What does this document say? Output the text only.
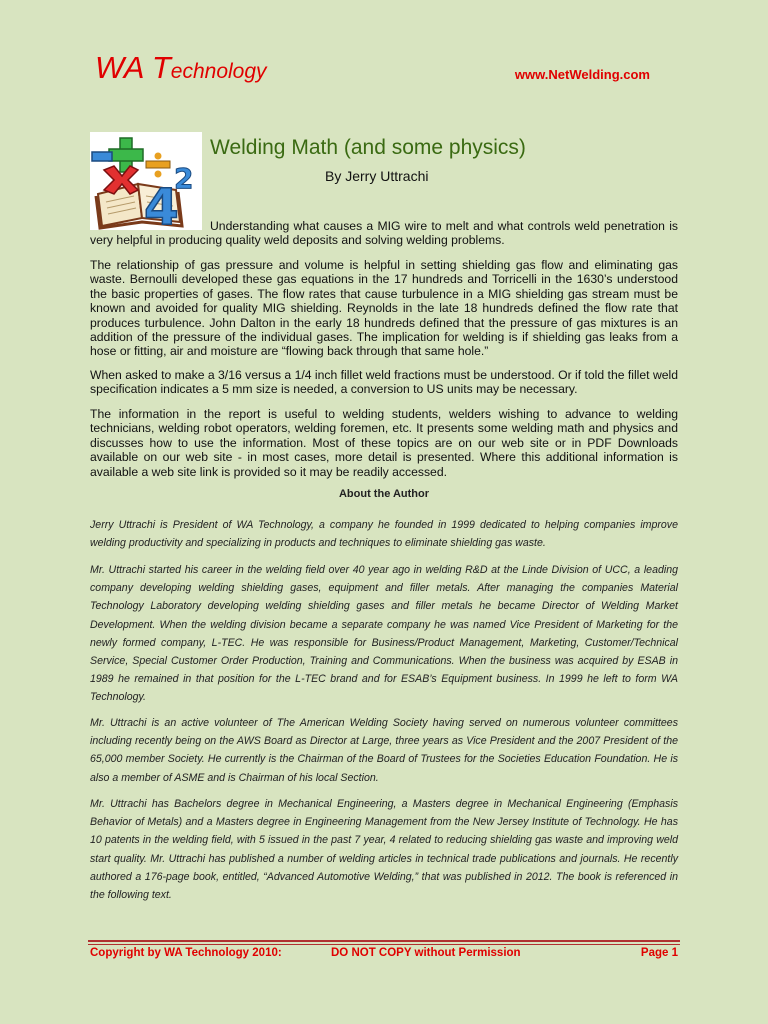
WA Technology	www.NetWelding.com
4
2
Welding Math (and some physics)
By Jerry Uttrachi

Understanding what causes a MIG wire to melt and what controls weld penetration is very helpful in producing quality weld deposits and solving welding problems.

The relationship of gas pressure and volume is helpful in setting shielding gas flow and eliminating gas waste. Bernoulli developed these gas equations in the 17 hundreds and Torricelli in the 1630’s understood the basic properties of gases. The flow rates that cause turbulence in a MIG shielding gas stream must be known and avoided for quality MIG shielding. Reynolds in the late 18 hundreds defined the flow rate that produces turbulence. John Dalton in the early 18 hundreds defined that the pressure of gas mixtures is an addition of the pressure of the individual gases. The implication for welding is if shielding gas leaks from a hose or fitting, air and moisture are “flowing back through that same hole.”

When asked to make a 3/16 versus a 1/4 inch fillet weld fractions must be understood. Or if told the fillet weld specification indicates a 5 mm size is needed, a conversion to US units may be necessary.

The information in the report is useful to welding students, welders wishing to advance to welding technicians, welding robot operators, welding foremen, etc. It presents some welding math and physics and discusses how to use the information. Most of these topics are on our web site or in PDF Downloads available on our web site - in most cases, more detail is presented. Where this additional information is available a web site link is provided so it may be readily accessed.

About the Author

Jerry Uttrachi is President of WA Technology, a company he founded in 1999 dedicated to helping companies improve welding productivity and specializing in products and techniques to eliminate shielding gas waste.

Mr. Uttrachi started his career in the welding field over 40 year ago in welding R&D at the Linde Division of UCC, a leading company developing welding shielding gases, equipment and filler metals. After managing the companies Material Technology Laboratory developing welding shielding gases and filler metals he became Director of Welding Market Development. When the welding division became a separate company he was named Vice President of Marketing for the newly formed company, L-TEC. He was responsible for Business/Product Management, Marketing, Customer/Technical Service, Special Customer Order Production, Training and Communications. When the business was acquired by ESAB in 1989 he remained in that position for the L-TEC brand and for ESAB’s Equipment business. In 1999 he left to form WA Technology.

Mr. Uttrachi is an active volunteer of The American Welding Society having served on numerous volunteer committees including recently being on the AWS Board as Director at Large, three years as Vice President and the 2007 President of the 65,000 member Society. He currently is the Chairman of the Board of Trustees for the Societies Education Foundation. He is also a member of ASME and is Chairman of his local Section.

Mr. Uttrachi has Bachelors degree in Mechanical Engineering, a Masters degree in Mechanical Engineering (Emphasis Behavior of Metals) and a Masters degree in Engineering Management from the New Jersey Institute of Technology. He has 10 patents in the welding field, with 5 issued in the past 7 year, 4 related to reducing shielding gas waste and improving weld start quality. Mr. Uttrachi has published a number of welding articles in technical trade publications and journals. He recently authored a 176-page book, entitled, “Advanced Automotive Welding,” that was published in 2012. The book is referenced in the following text.

Copyright by WA Technology 2010:	DO NOT COPY without Permission	Page 1
